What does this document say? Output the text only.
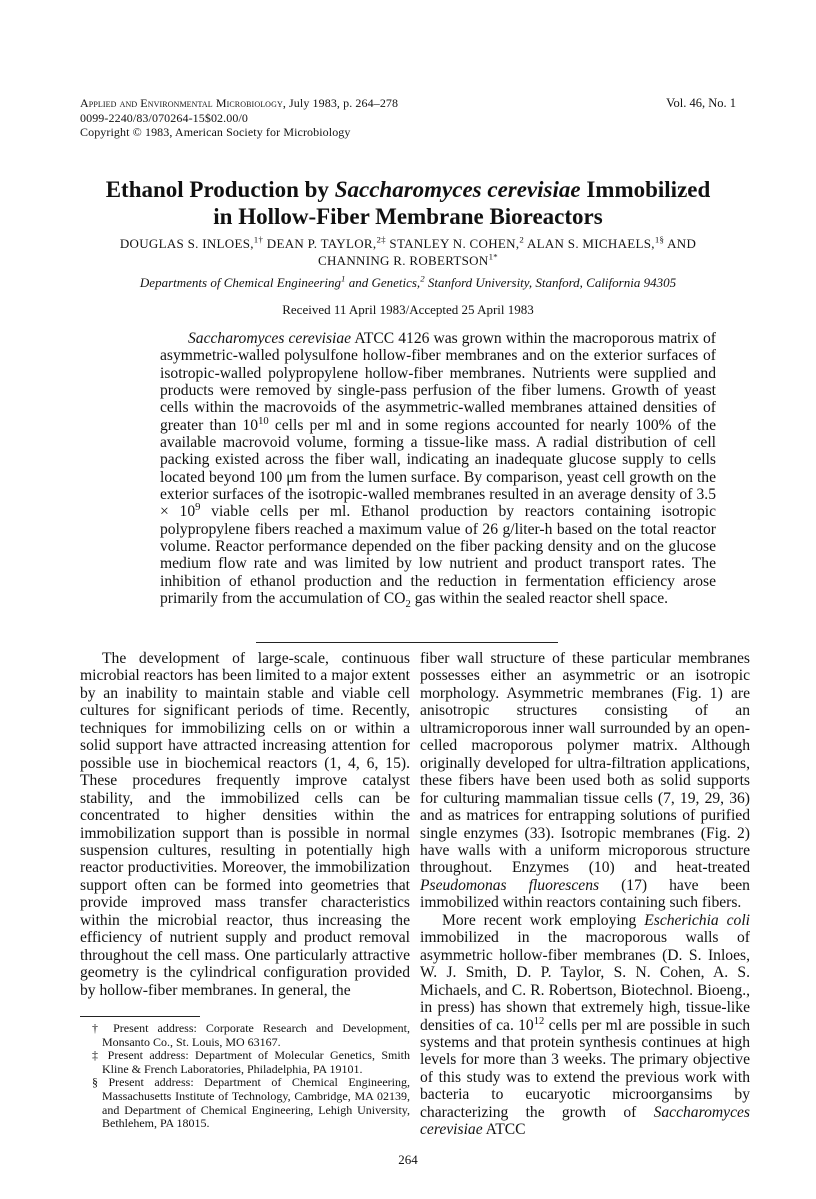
Applied and Environmental Microbiology, July 1983, p. 264–278
0099-2240/83/070264-15$02.00/0
Copyright © 1983, American Society for Microbiology
Vol. 46, No. 1
Ethanol Production by Saccharomyces cerevisiae Immobilized
in Hollow-Fiber Membrane Bioreactors
DOUGLAS S. INLOES,$^{1\dagger}$ DEAN P. TAYLOR,$^{2\ddagger}$ STANLEY N. COHEN,$^2$ ALAN S. MICHAELS,$^{1\S}$ AND
CHANNING R. $ROBERTSON^{1*}$
Departments of Chemical Engineering$^1$ and Genetics,$^2$ Stanford University, Stanford, California 94305
Received 11 April 1983/Accepted 25 April 1983

Saccharomyces cerevisiae ATCC 4126 was grown within the macroporous matrix of asymmetric-walled polysulfone hollow-fiber membranes and on the exterior surfaces of isotropic-walled polypropylene hollow-fiber membranes. Nutrients were supplied and products were removed by single-pass perfusion of the fiber lumens. Growth of yeast cells within the macrovoids of the asymmetric-walled membranes attained densities of greater than $10^{10}$ cells per ml and in some regions accounted for nearly 100% of the available macrovoid volume, forming a tissue-like mass. A radial distribution of cell packing existed across the fiber wall, indicating an inadequate glucose supply to cells located beyond 100 μm from the lumen surface. By comparison, yeast cell growth on the exterior surfaces of the isotropic-walled membranes resulted in an average density of $3.5 \times 10^9$ viable cells per ml. Ethanol production by reactors containing isotropic polypropylene fibers reached a maximum value of 26 g/liter-h based on the total reactor volume. Reactor performance depended on the fiber packing density and on the glucose medium flow rate and was limited by low nutrient and product transport rates. The inhibition of ethanol production and the reduction in fermentation efficiency arose primarily from the accumulation of $CO_2$ gas within the sealed reactor shell space.

The development of large-scale, continuous microbial reactors has been limited to a major extent by an inability to maintain stable and viable cell cultures for significant periods of time. Recently, techniques for immobilizing cells on or within a solid support have attracted increasing attention for possible use in biochemical reactors (1, 4, 6, 15). These procedures frequently improve catalyst stability, and the immobilized cells can be concentrated to higher densities within the immobilization support than is possible in normal suspension cultures, resulting in potentially high reactor productivities. Moreover, the immobilization support often can be formed into geometries that provide improved mass transfer characteristics within the microbial reactor, thus increasing the efficiency of nutrient supply and product removal throughout the cell mass. One particularly attractive geometry is the cylindrical configuration provided by hollow-fiber membranes. In general, the

fiber wall structure of these particular membranes possesses either an asymmetric or an isotropic morphology. Asymmetric membranes (Fig. 1) are anisotropic structures consisting of an ultramicroporous inner wall surrounded by an open-celled macroporous polymer matrix. Although originally developed for ultra-filtration applications, these fibers have been used both as solid supports for culturing mammalian tissue cells (7, 19, 29, 36) and as matrices for entrapping solutions of purified single enzymes (33). Isotropic membranes (Fig. 2) have walls with a uniform microporous structure throughout. Enzymes (10) and heat-treated Pseudomonas fluorescens (17) have been immobilized within reactors containing such fibers.

More recent work employing Escherichia coli immobilized in the macroporous walls of asymmetric hollow-fiber membranes (D. S. Inloes, W. J. Smith, D. P. Taylor, S. N. Cohen, A. S. Michaels, and C. R. Robertson, Biotechnol. Bioeng., in press) has shown that extremely high, tissue-like densities of ca. $10^{12}$ cells per ml are possible in such systems and that protein synthesis continues at high levels for more than 3 weeks. The primary objective of this study was to extend the previous work with bacteria to eucaryotic microorgansims by characterizing the growth of Saccharomyces cerevisiae ATCC

† Present address: Corporate Research and Development, Monsanto Co., St. Louis, MO 63167.

‡ Present address: Department of Molecular Genetics, Smith Kline & French Laboratories, Philadelphia, PA 19101.

§ Present address: Department of Chemical Engineering, Massachusetts Institute of Technology, Cambridge, MA 02139, and Department of Chemical Engineering, Lehigh University, Bethlehem, PA 18015.

264
